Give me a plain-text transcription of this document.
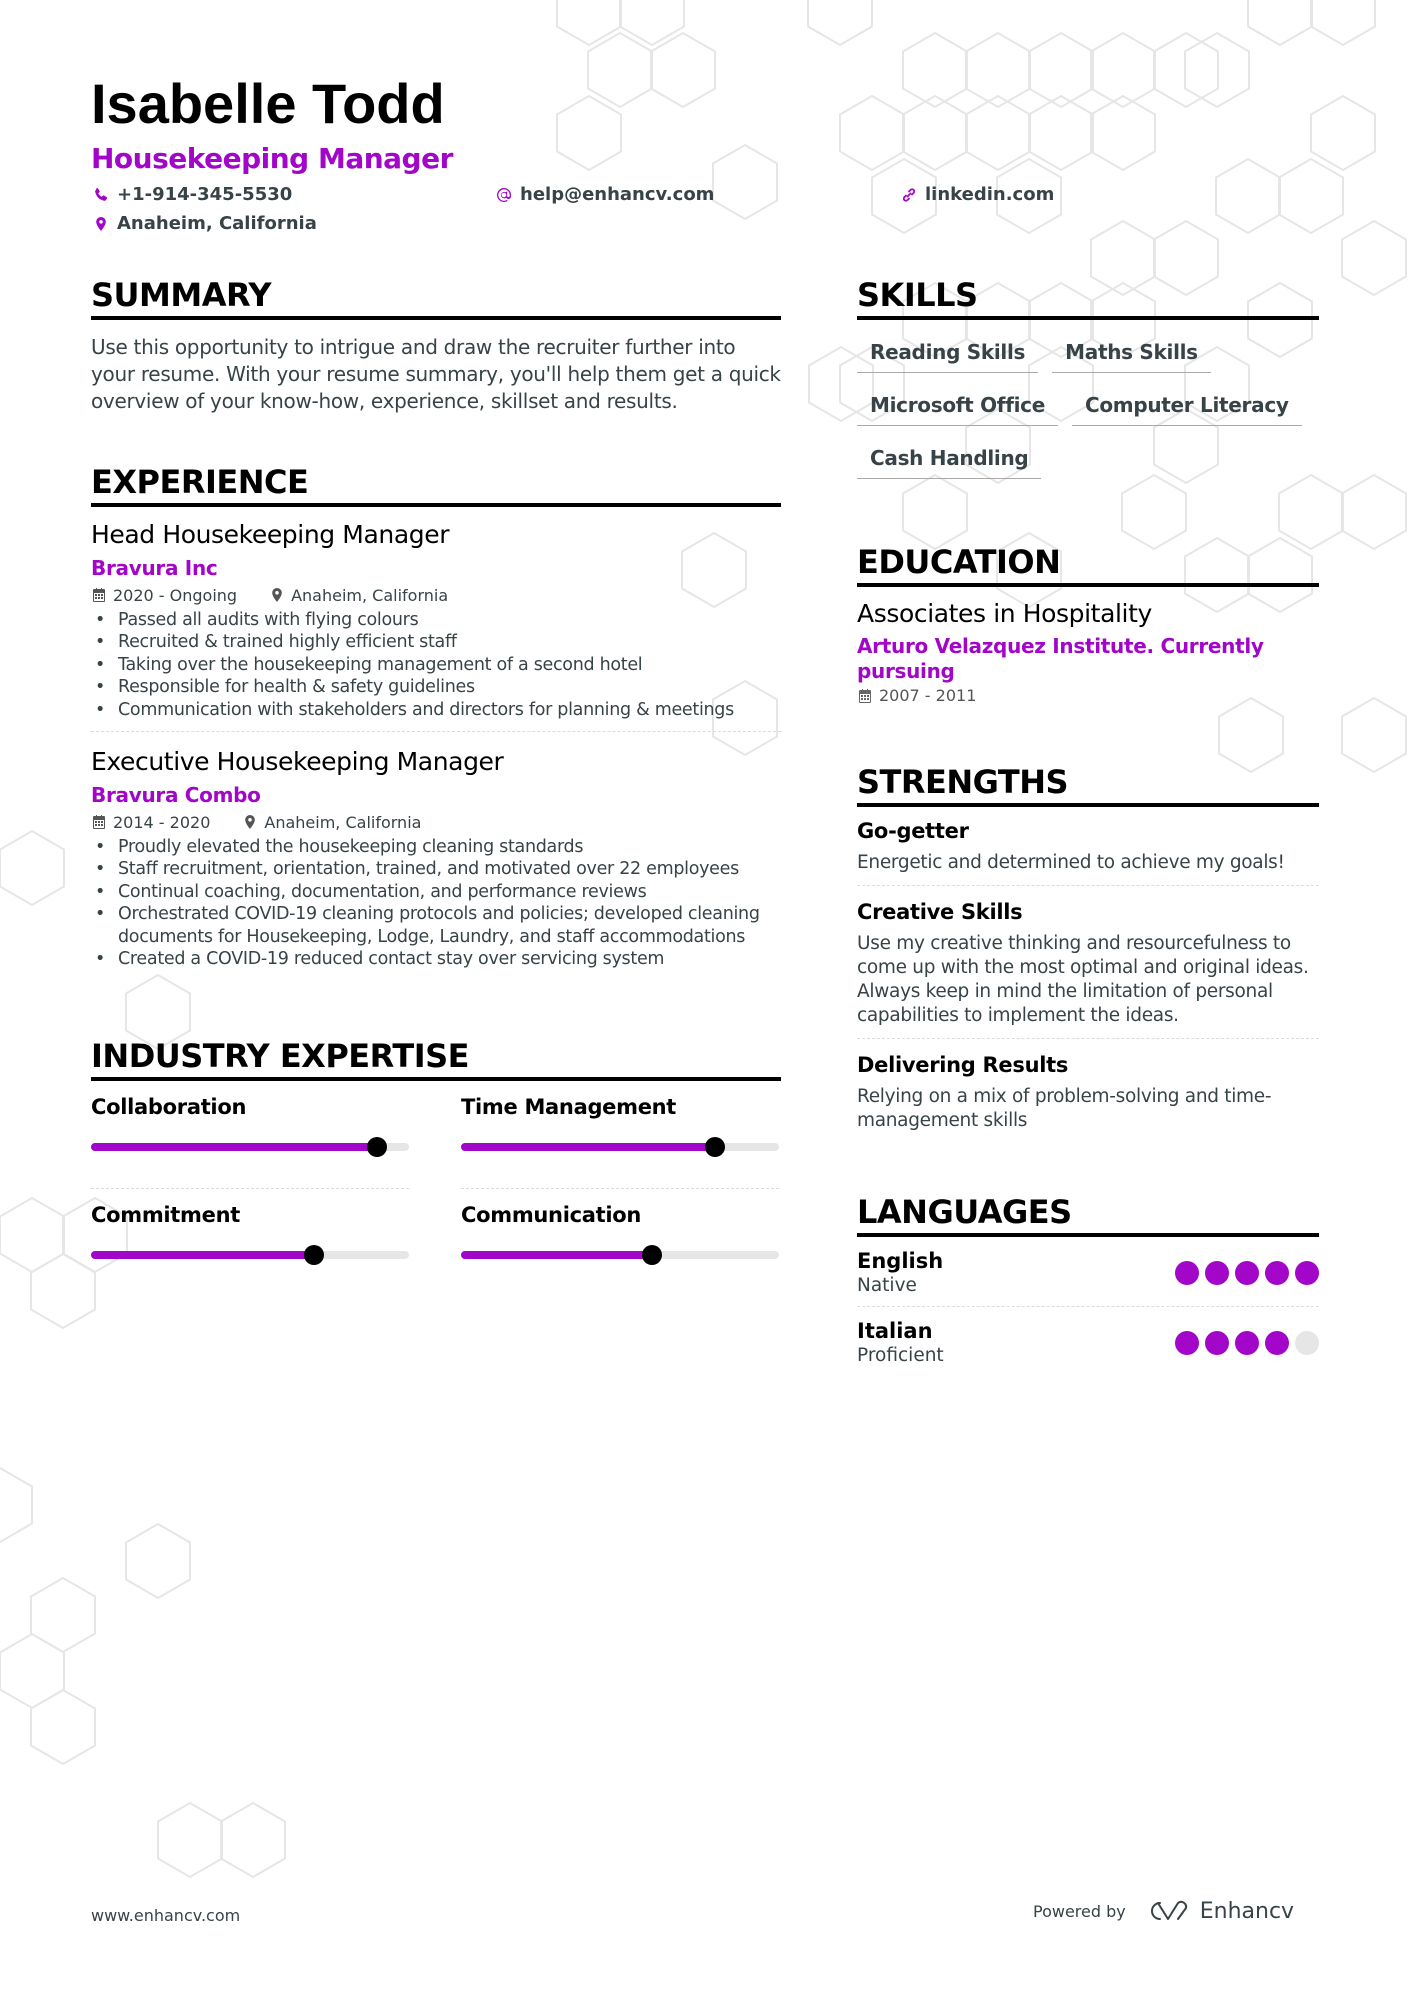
Isabelle Todd
Housekeeping Manager
+1-914-345-5530	help@enhancv.com	linkedin.com
Anaheim, California
SUMMARY
Use this opportunity to intrigue and draw the recruiter further into your resume. With your resume summary, you'll help them get a quick overview of your know-how, experience, skillset and results.
EXPERIENCE
Head Housekeeping Manager
Bravura Inc
2020 - Ongoing	Anaheim, California
• Passed all audits with flying colours
• Recruited & trained highly efficient staff
• Taking over the housekeeping management of a second hotel
• Responsible for health & safety guidelines
• Communication with stakeholders and directors for planning & meetings
Executive Housekeeping Manager
Bravura Combo
2014 - 2020	Anaheim, California
• Proudly elevated the housekeeping cleaning standards
• Staff recruitment, orientation, trained, and motivated over 22 employees
• Continual coaching, documentation, and performance reviews
• Orchestrated COVID-19 cleaning protocols and policies; developed cleaning documents for Housekeeping, Lodge, Laundry, and staff accommodations
• Created a COVID-19 reduced contact stay over servicing system
INDUSTRY EXPERTISE
Collaboration	Time Management
Commitment	Communication
SKILLS
Reading Skills	Maths Skills
Microsoft Office	Computer Literacy
Cash Handling
EDUCATION
Associates in Hospitality
Arturo Velazquez Institute. Currently pursuing
2007 - 2011
STRENGTHS
Go-getter
Energetic and determined to achieve my goals!
Creative Skills
Use my creative thinking and resourcefulness to come up with the most optimal and original ideas. Always keep in mind the limitation of personal capabilities to implement the ideas.
Delivering Results
Relying on a mix of problem-solving and time-management skills
LANGUAGES
English
Native
Italian
Proficient
www.enhancv.com	Powered by	Enhancv
